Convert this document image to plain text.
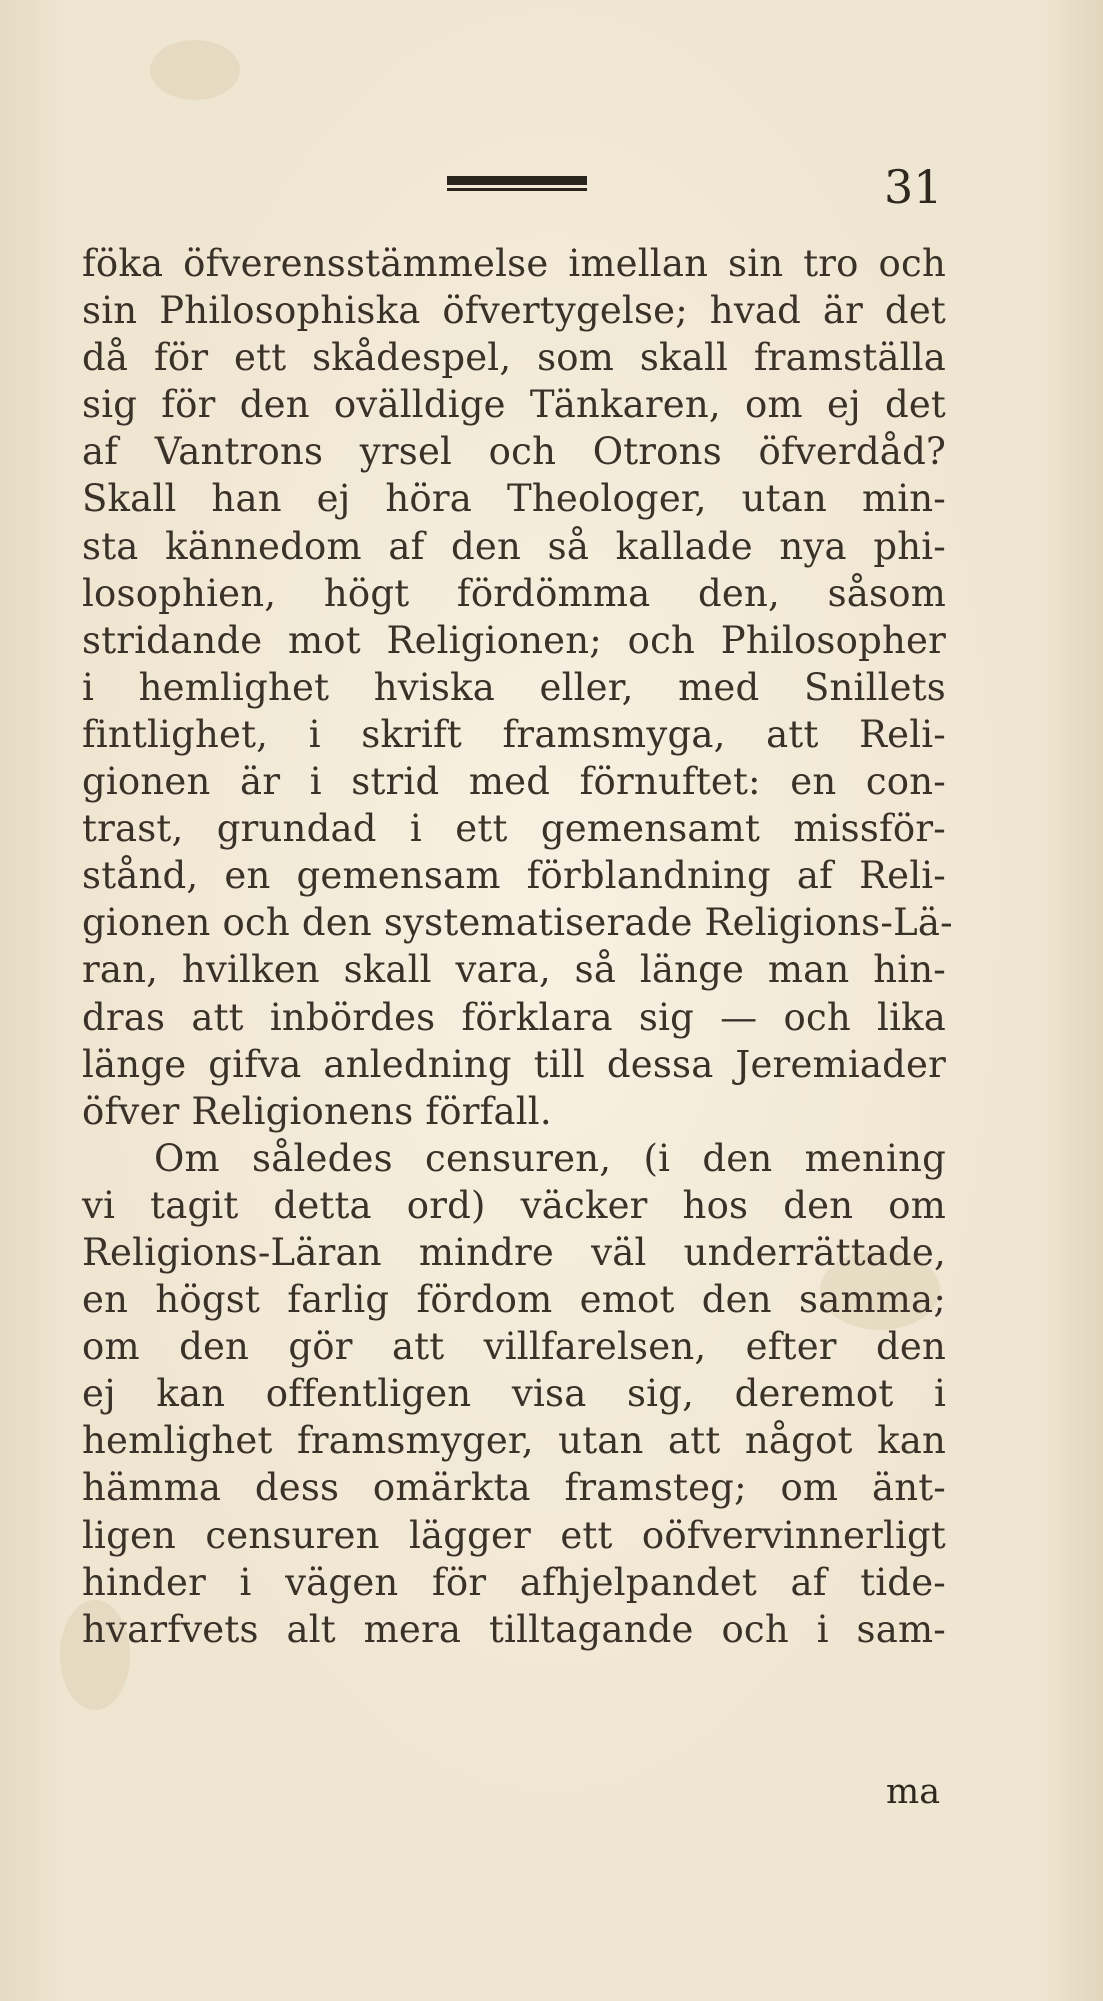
31
föka öfverensstämmelse imellan sin tro och
sin Philosophiska öfvertygelse; hvad är det
då för ett skådespel, som skall framställa
sig för den ovälldige Tänkaren, om ej det
af Vantrons yrsel och Otrons öfverdåd?
Skall han ej höra Theologer, utan min-
sta kännedom af den så kallade nya phi-
losophien, högt fördömma den, såsom
stridande mot Religionen; och Philosopher
i hemlighet hviska eller, med Snillets
fintlighet, i skrift framsmyga, att Reli-
gionen är i strid med förnuftet: en con-
trast, grundad i ett gemensamt missför-
stånd, en gemensam förblandning af Reli-
gionen och den systematiserade Religions-Lä-
ran, hvilken skall vara, så länge man hin-
dras att inbördes förklara sig — och lika
länge gifva anledning till dessa Jeremiader
öfver Religionens förfall.
Om således censuren, (i den mening
vi tagit detta ord) väcker hos den om
Religions-Läran mindre väl underrättade,
en högst farlig fördom emot den samma;
om den gör att villfarelsen, efter den
ej kan offentligen visa sig, deremot i
hemlighet framsmyger, utan att något kan
hämma dess omärkta framsteg; om änt-
ligen censuren lägger ett oöfvervinnerligt
hinder i vägen för afhjelpandet af tide-
hvarfvets alt mera tilltagande och i sam-
ma
